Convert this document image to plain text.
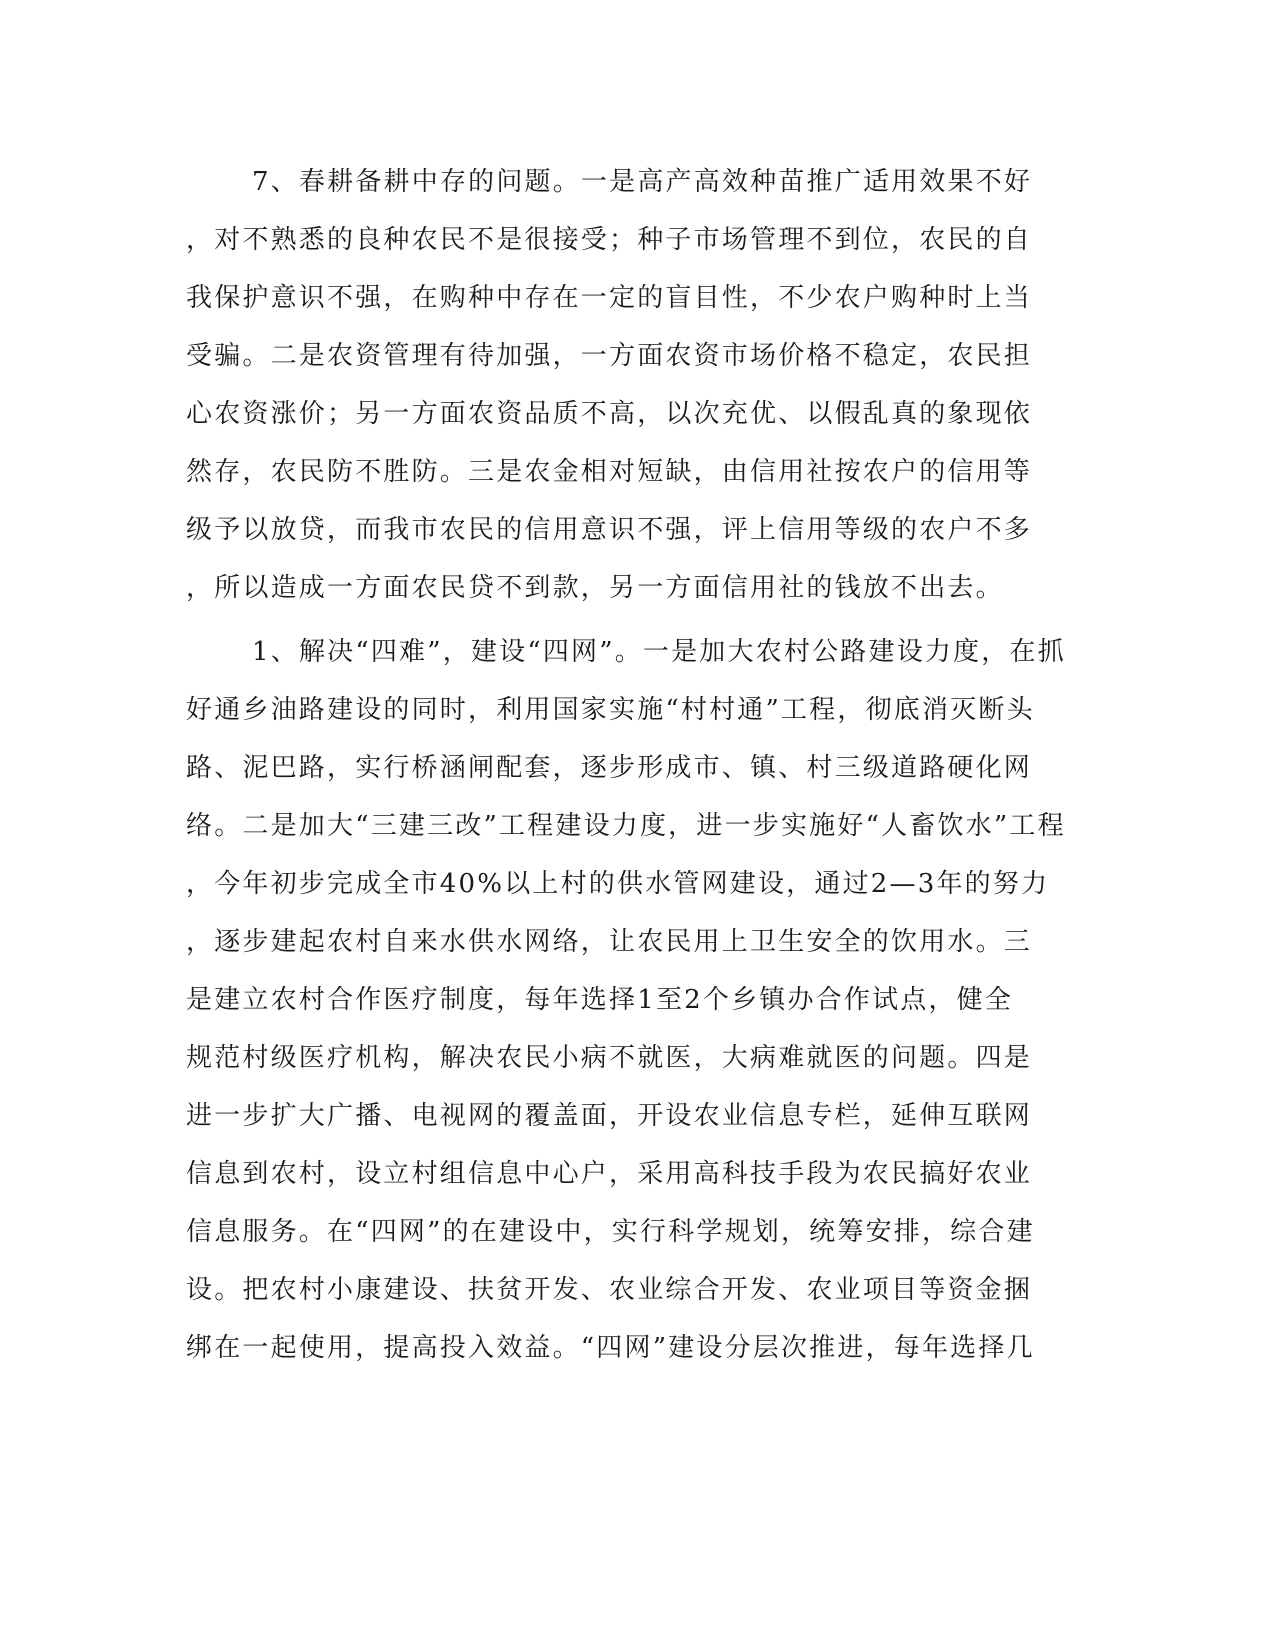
7、春耕备耕中存的问题。一是高产高效种苗推广适用效果不好
，对不熟悉的良种农民不是很接受；种子市场管理不到位，农民的自
我保护意识不强，在购种中存在一定的盲目性，不少农户购种时上当
受骗。二是农资管理有待加强，一方面农资市场价格不稳定，农民担
心农资涨价；另一方面农资品质不高，以次充优、以假乱真的象现依
然存，农民防不胜防。三是农金相对短缺，由信用社按农户的信用等
级予以放贷，而我市农民的信用意识不强，评上信用等级的农户不多
，所以造成一方面农民贷不到款，另一方面信用社的钱放不出去。
1、解决“四难”，建设“四网”。一是加大农村公路建设力度，在抓
好通乡油路建设的同时，利用国家实施“村村通”工程，彻底消灭断头
路、泥巴路，实行桥涵闸配套，逐步形成市、镇、村三级道路硬化网
络。二是加大“三建三改”工程建设力度，进一步实施好“人畜饮水”工程
，今年初步完成全市40%以上村的供水管网建设，通过2—3年的努力
，逐步建起农村自来水供水网络，让农民用上卫生安全的饮用水。三
是建立农村合作医疗制度，每年选择1至2个乡镇办合作试点，健全
规范村级医疗机构，解决农民小病不就医，大病难就医的问题。四是
进一步扩大广播、电视网的覆盖面，开设农业信息专栏，延伸互联网
信息到农村，设立村组信息中心户，采用高科技手段为农民搞好农业
信息服务。在“四网”的在建设中，实行科学规划，统筹安排，综合建
设。把农村小康建设、扶贫开发、农业综合开发、农业项目等资金捆
绑在一起使用，提高投入效益。“四网”建设分层次推进，每年选择几
